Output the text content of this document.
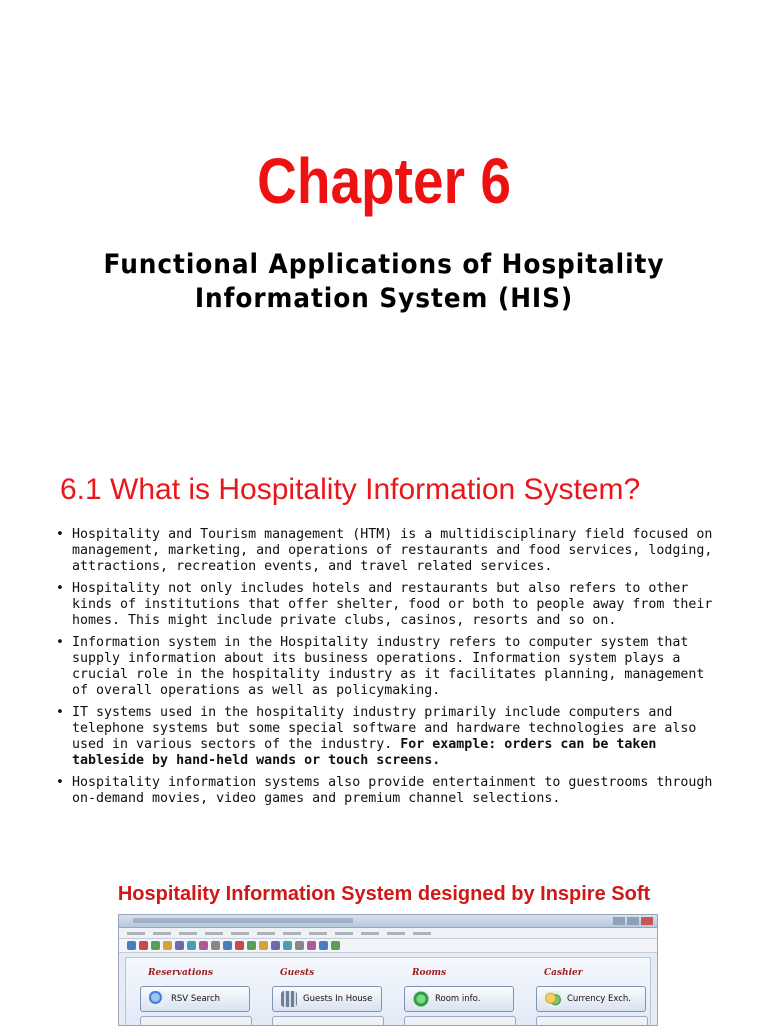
Chapter 6
Functional Applications of Hospitality
Information System (HIS)
6.1 What is Hospitality Information System?
• Hospitality and Tourism management (HTM) is a multidisciplinary field focused on management, marketing, and operations of restaurants and food services, lodging, attractions, recreation events, and travel related services.
• Hospitality not only includes hotels and restaurants but also refers to other kinds of institutions that offer shelter, food or both to people away from their homes. This might include private clubs, casinos, resorts and so on.
• Information system in the Hospitality industry refers to computer system that supply information about its business operations. Information system plays a crucial role in the hospitality industry as it facilitates planning, management of overall operations as well as policymaking.
• IT systems used in the hospitality industry primarily include computers and telephone systems but some special software and hardware technologies are also used in various sectors of the industry. For example: orders can be taken tableside by hand-held wands or touch screens.
• Hospitality information systems also provide entertainment to guestrooms through on-demand movies, video games and premium channel selections.
Hospitality Information System designed by Inspire Soft
Reservations
RSV Search
Guests
Guests In House
Rooms
Room info.
Cashier
Currency Exch.
